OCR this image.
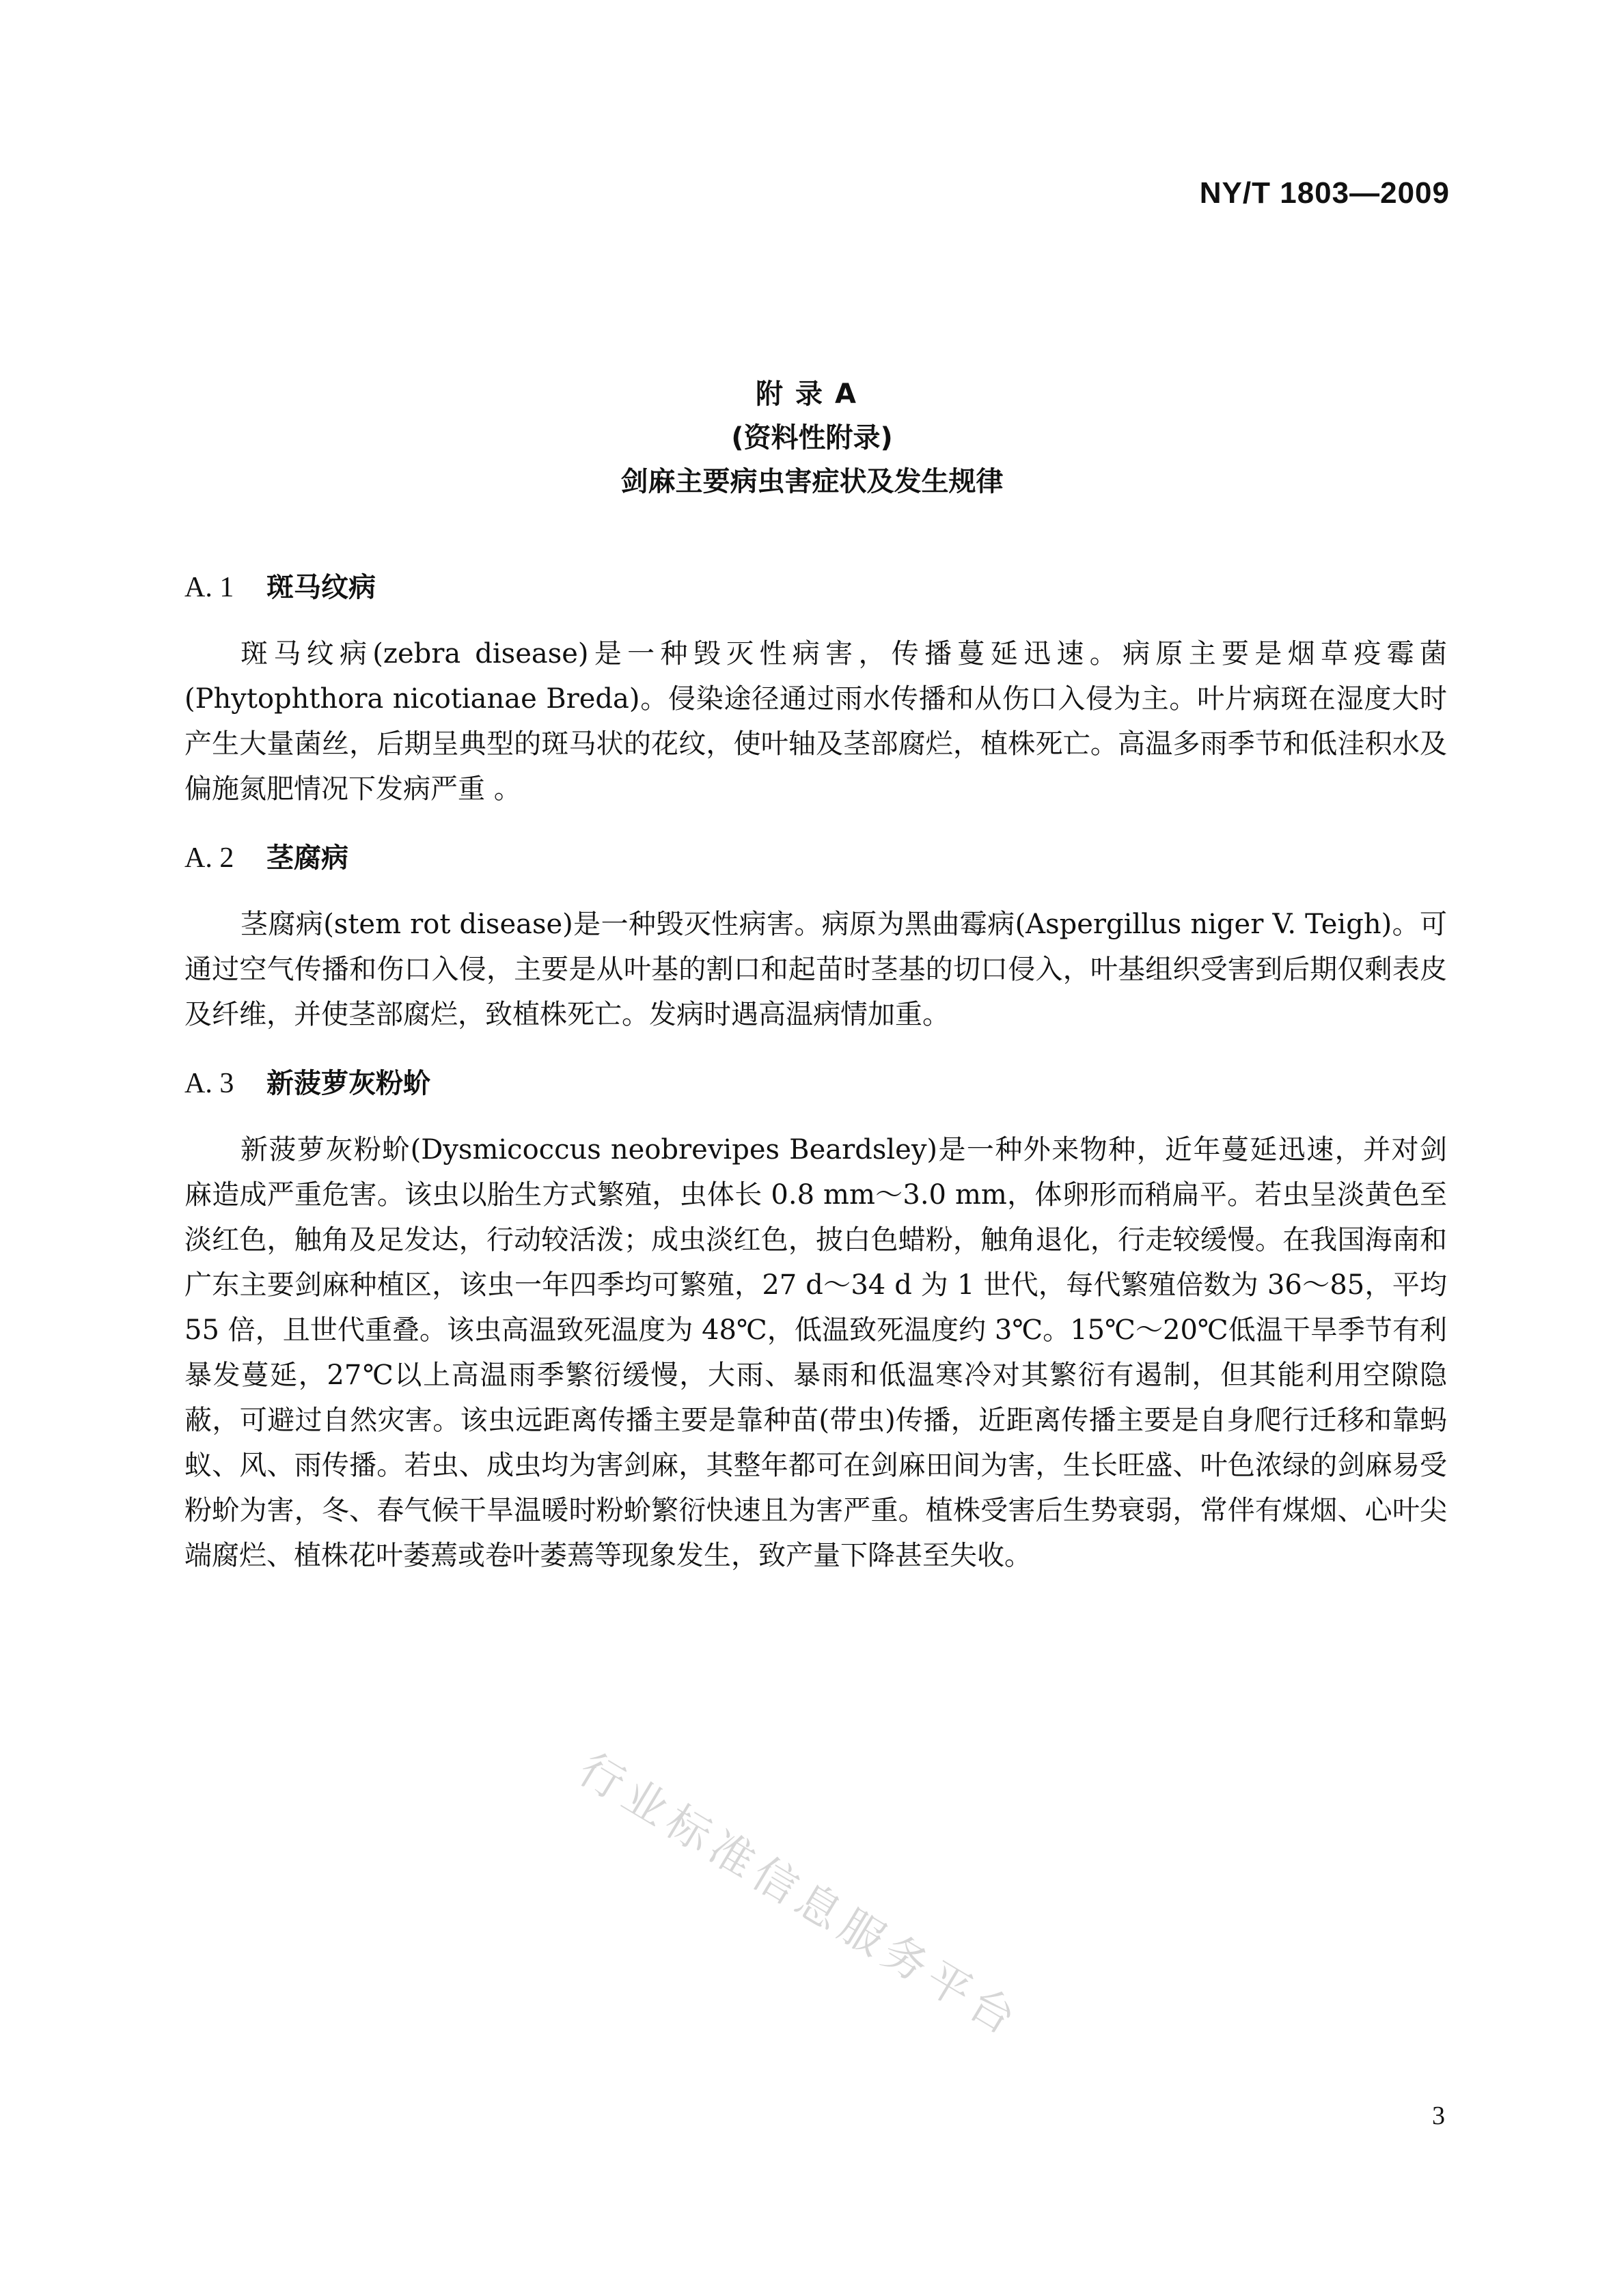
NY/T 1803—2009
附录A
(资料性附录)
剑麻主要病虫害症状及发生规律
A. 1 斑马纹病

斑马纹病(zebra disease)是一种毁灭性病害，传播蔓延迅速。病原主要是烟草疫霉菌(Phytophthora nicotianae Breda)。侵染途径通过雨水传播和从伤口入侵为主。叶片病斑在湿度大时产生大量菌丝，后期呈典型的斑马状的花纹，使叶轴及茎部腐烂，植株死亡。高温多雨季节和低洼积水及偏施氮肥情况下发病严重 。

A. 2 茎腐病

茎腐病(stem rot disease)是一种毁灭性病害。病原为黑曲霉病(Aspergillus niger V. Teigh)。可通过空气传播和伤口入侵，主要是从叶基的割口和起苗时茎基的切口侵入，叶基组织受害到后期仅剩表皮及纤维，并使茎部腐烂，致植株死亡。发病时遇高温病情加重。

A. 3 新菠萝灰粉蚧

新菠萝灰粉蚧(Dysmicoccus neobrevipes Beardsley)是一种外来物种，近年蔓延迅速，并对剑麻造成严重危害。该虫以胎生方式繁殖，虫体长 0.8 mm～3.0 mm，体卵形而稍扁平。若虫呈淡黄色至淡红色，触角及足发达，行动较活泼；成虫淡红色，披白色蜡粉，触角退化，行走较缓慢。在我国海南和广东主要剑麻种植区，该虫一年四季均可繁殖，27 d～34 d 为 1 世代，每代繁殖倍数为 36～85，平均 55 倍，且世代重叠。该虫高温致死温度为 48℃，低温致死温度约 3℃。15℃～20℃低温干旱季节有利暴发蔓延，27℃以上高温雨季繁衍缓慢，大雨、暴雨和低温寒冷对其繁衍有遏制，但其能利用空隙隐蔽，可避过自然灾害。该虫远距离传播主要是靠种苗(带虫)传播，近距离传播主要是自身爬行迁移和靠蚂蚁、风、雨传播。若虫、成虫均为害剑麻，其整年都可在剑麻田间为害，生长旺盛、叶色浓绿的剑麻易受粉蚧为害，冬、春气候干旱温暖时粉蚧繁衍快速且为害严重。植株受害后生势衰弱，常伴有煤烟、心叶尖端腐烂、植株花叶萎蔫或卷叶萎蔫等现象发生，致产量下降甚至失收。

行业标准信息服务平台
3
